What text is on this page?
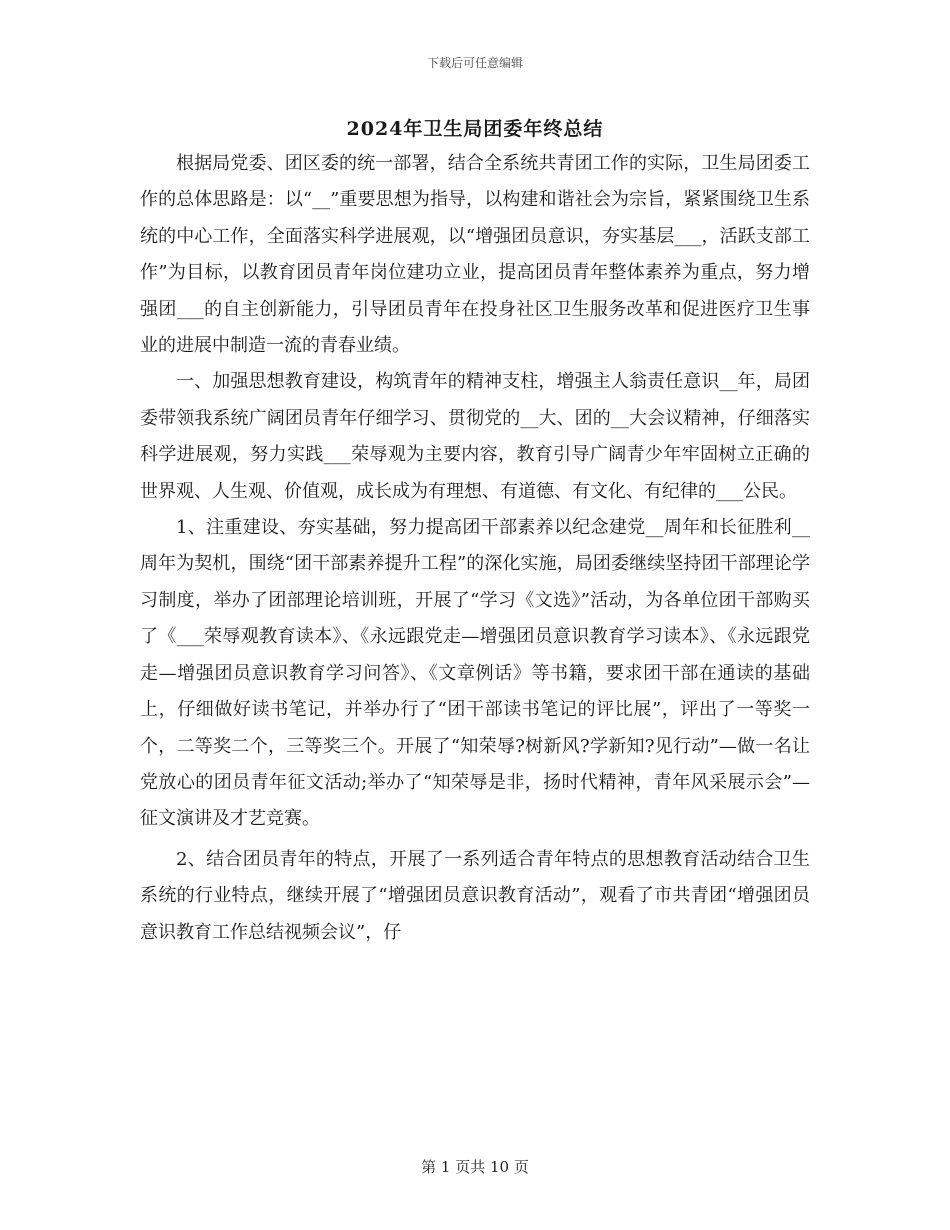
下载后可任意编辑
2024年卫生局团委年终总结

根据局党委、团区委的统一部署，结合全系统共青团工作的实际，卫生局团委工作的总体思路是：以“__”重要思想为指导，以构建和谐社会为宗旨，紧紧围绕卫生系统的中心工作，全面落实科学进展观，以“增强团员意识，夯实基层___，活跃支部工作”为目标，以教育团员青年岗位建功立业，提高团员青年整体素养为重点，努力增强团___的自主创新能力，引导团员青年在投身社区卫生服务改革和促进医疗卫生事业的进展中制造一流的青春业绩。

一、加强思想教育建设，构筑青年的精神支柱，增强主人翁责任意识__年，局团委带领我系统广阔团员青年仔细学习、贯彻党的__大、团的__大会议精神，仔细落实科学进展观，努力实践___荣辱观为主要内容，教育引导广阔青少年牢固树立正确的世界观、人生观、价值观，成长成为有理想、有道德、有文化、有纪律的___公民。

1、注重建设、夯实基础，努力提高团干部素养以纪念建党__周年和长征胜利__周年为契机，围绕“团干部素养提升工程”的深化实施，局团委继续坚持团干部理论学习制度，举办了团部理论培训班，开展了“学习《文选》”活动，为各单位团干部购买了《___荣辱观教育读本》、《永远跟党走—增强团员意识教育学习读本》、《永远跟党走—增强团员意识教育学习问答》、《文章例话》等书籍，要求团干部在通读的基础上，仔细做好读书笔记，并举办行了“团干部读书笔记的评比展”，评出了一等奖一个，二等奖二个，三等奖三个。开展了“知荣辱?树新风?学新知?见行动”—做一名让党放心的团员青年征文活动;举办了“知荣辱是非，扬时代精神，青年风采展示会”—征文演讲及才艺竞赛。

2、结合团员青年的特点，开展了一系列适合青年特点的思想教育活动结合卫生系统的行业特点，继续开展了“增强团员意识教育活动”，观看了市共青团“增强团员意识教育工作总结视频会议”，仔

第 1 页共 10 页
